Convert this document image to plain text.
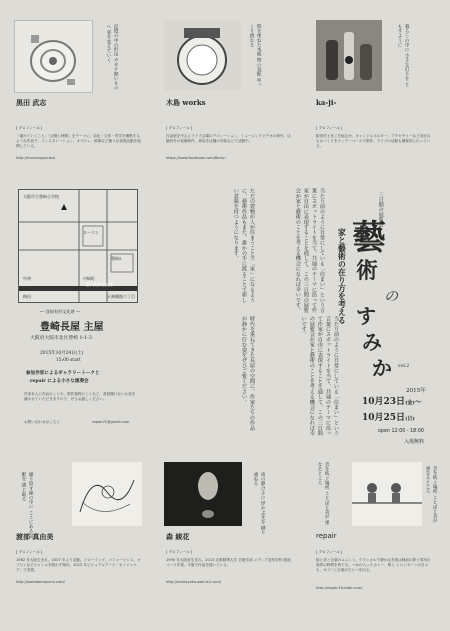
記憶の中の形は カタチ無いものへ 姿を変えていく	時を重ねた木板 物の気配 ゆっくり流れる	暮らしの中に 小さな灯りを ともすように
黒田 武志
[ プロフィール ]
「描かていくこと」「記憶と時間」をテーマに、彩色・立体・哲学を横断するような作品で、インスタレーション、オブジェ、映像など様々な表現活動を展開している。
http://mashcaype.biz/
木島 works
[ プロフィール ]
作品展を中心にライブ会場のデコレーション、ミュージックビデオの制作、店舗内外の装飾制作、商品を店舗の内装などで活動中。
https://www.facebook.com/Boruri
ka-ji-
[ プロフィール ]
銀田村土まこを組合せ、キャンドルホルダー、アクセサリーなど身近なものづくりをウィラーベースで制作。ライブの活動も積極的に行っている。
大阪市立豊崎小学校
中津	中崎町
天神橋筋六丁目
豊崎5
ローソン
地下鉄御堂筋線
梅田
― 登録有形文化財 ―
豊崎長屋 主屋
大阪府大阪市北区豊崎 1-1-3
2015年10月24日(土)
15:00 start
参加作家によるギャラリートークと
repair による小さな演奏会
作家本人に作品のことや、制作過程のことなど、普段聞けないお話を藤かせていただきますので、ぜひお越しください。
お問い合わせはこちら	repair.f1@gmail.com
ただの建物が人が住まうことで「家」になるように、藝術作品もまた、誰かの手に渡ることで新しい意味を持つようになります。
時代を重ねてきた長屋の空間に、作家たちの作品が静かに佇む姿をぜひご覧ください。
当たり前のように日常にしている「住まい」という言葉にスポットライトを当て、共通のテーマに沿って作家が自由に表現することを通して、この三日間の展覧会が家と藝術のことを考える機会になれば幸いです。
当たり前のように日常にしている「住まい」という言葉にスポットライトを当て、共通のテーマに沿って作家が自由に表現することを通して、この三日間の展覧会が家と藝術のことを考える機会になれば幸いです。
家と藝術の在り方を考える
三日間の展覧会
藝
術
の
す
み
か vol.2
2015年
10月23日(金)〜
10月25日(日)
open 12:00 - 18:00
入場無料
繰り返す線の中に ここにある気配を 感じ取る
渡部 真由美
[ プロフィール ]
1982 年大阪生まれ。2007 年より活動。ドローイング、パフォーマンス、オブジェなどジャンルを問わず制作。2012 年ビジュアルアーツ「オノマトペア」で受賞。
http://watabemayumi.com/
夜の静けさに 浮かぶ光を 刷り重ねる
森 綾花
[ プロフィール ]
1990 年大阪府生まれ。2013 京都精華大学 芸術学部 メディア造形学科 版画コース卒業。木版で作品を描いている。
http://moriayaka.web.fc2.com/
音を紡ぐ場所 ことばと音が 重なるところ	音を紡ぐ場所 ことばと音が 重なるところ
repair
[ プロフィール ]
船と音と言葉のユニット。クラシカルで静かな音楽は戦前の夢と現実の境界の時間を奏でる。つめの入ったカレー、相と トロンボーンが日々も、オブノと言葉がひとつを出る。
http://repair-f.tumblr.com/
